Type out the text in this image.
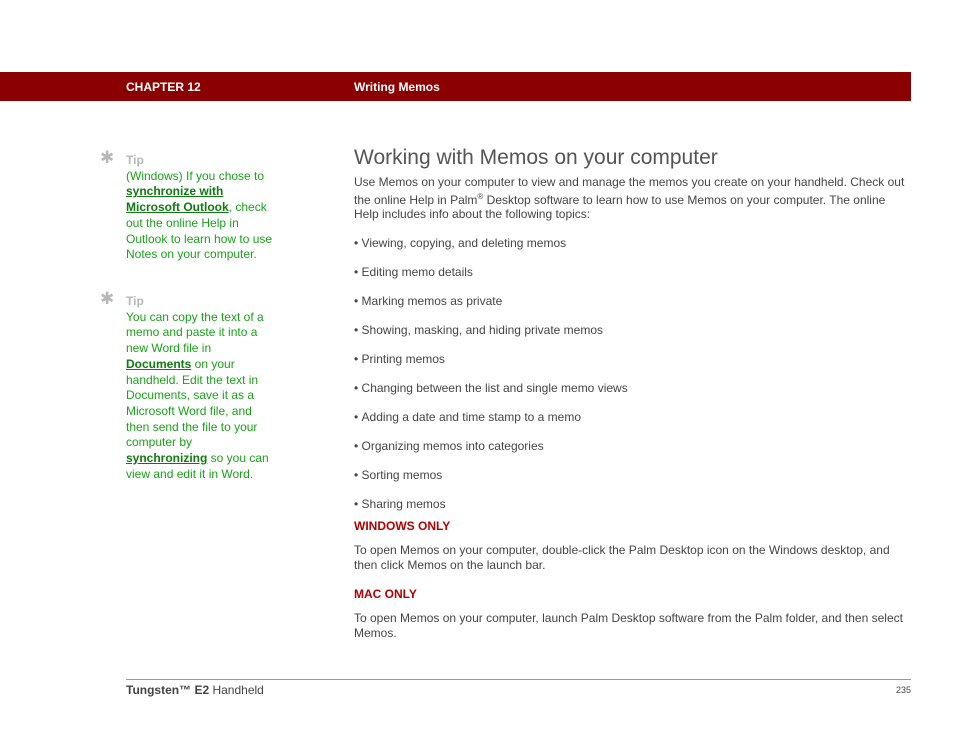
CHAPTER 12	Writing Memos
✱ Tip
(Windows) If you chose to synchronize with Microsoft Outlook, check out the online Help in Outlook to learn how to use Notes on your computer.
✱ Tip
You can copy the text of a memo and paste it into a new Word file in Documents on your handheld. Edit the text in Documents, save it as a Microsoft Word file, and then send the file to your computer by synchronizing so you can view and edit it in Word.
Working with Memos on your computer

Use Memos on your computer to view and manage the memos you create on your handheld. Check out the online Help in Palm® Desktop software to learn how to use Memos on your computer. The online Help includes info about the following topics:

• Viewing, copying, and deleting memos
• Editing memo details
• Marking memos as private
• Showing, masking, and hiding private memos
• Printing memos
• Changing between the list and single memo views
• Adding a date and time stamp to a memo
• Organizing memos into categories
• Sorting memos
• Sharing memos

WINDOWS ONLY

To open Memos on your computer, double-click the Palm Desktop icon on the Windows desktop, and then click Memos on the launch bar.

MAC ONLY

To open Memos on your computer, launch Palm Desktop software from the Palm folder, and then select Memos.

Tungsten™ E2 Handheld	235
